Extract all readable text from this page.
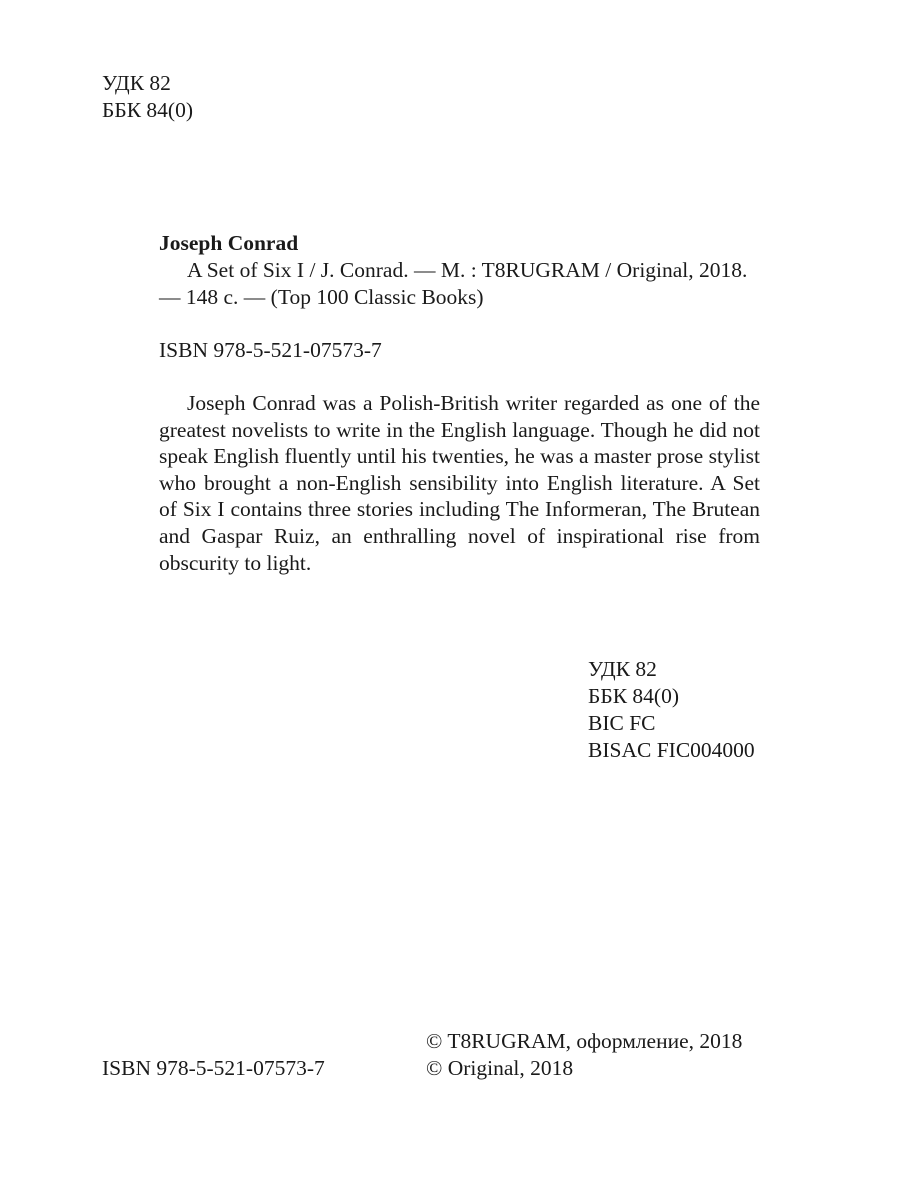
УДК 82
ББК 84(0)
Joseph Conrad
A Set of Six I / J. Conrad. — M. : T8RUGRAM / Original, 2018.
— 148 с. — (Top 100 Classic Books)
ISBN 978-5-521-07573-7
Joseph Conrad was a Polish-British writer regarded as one of the greatest novelists to write in the English language. Though he did not speak English fluently until his twenties, he was a master prose stylist who brought a non-English sensibility into English literature. A Set of Six I contains three stories including The Informeran, The Brutean and Gaspar Ruiz, an enthralling novel of inspirational rise from obscurity to light.
УДК 82
ББК 84(0)
BIC FC
BISAC FIC004000
ISBN 978-5-521-07573-7
© T8RUGRAM, оформление, 2018
© Original, 2018
